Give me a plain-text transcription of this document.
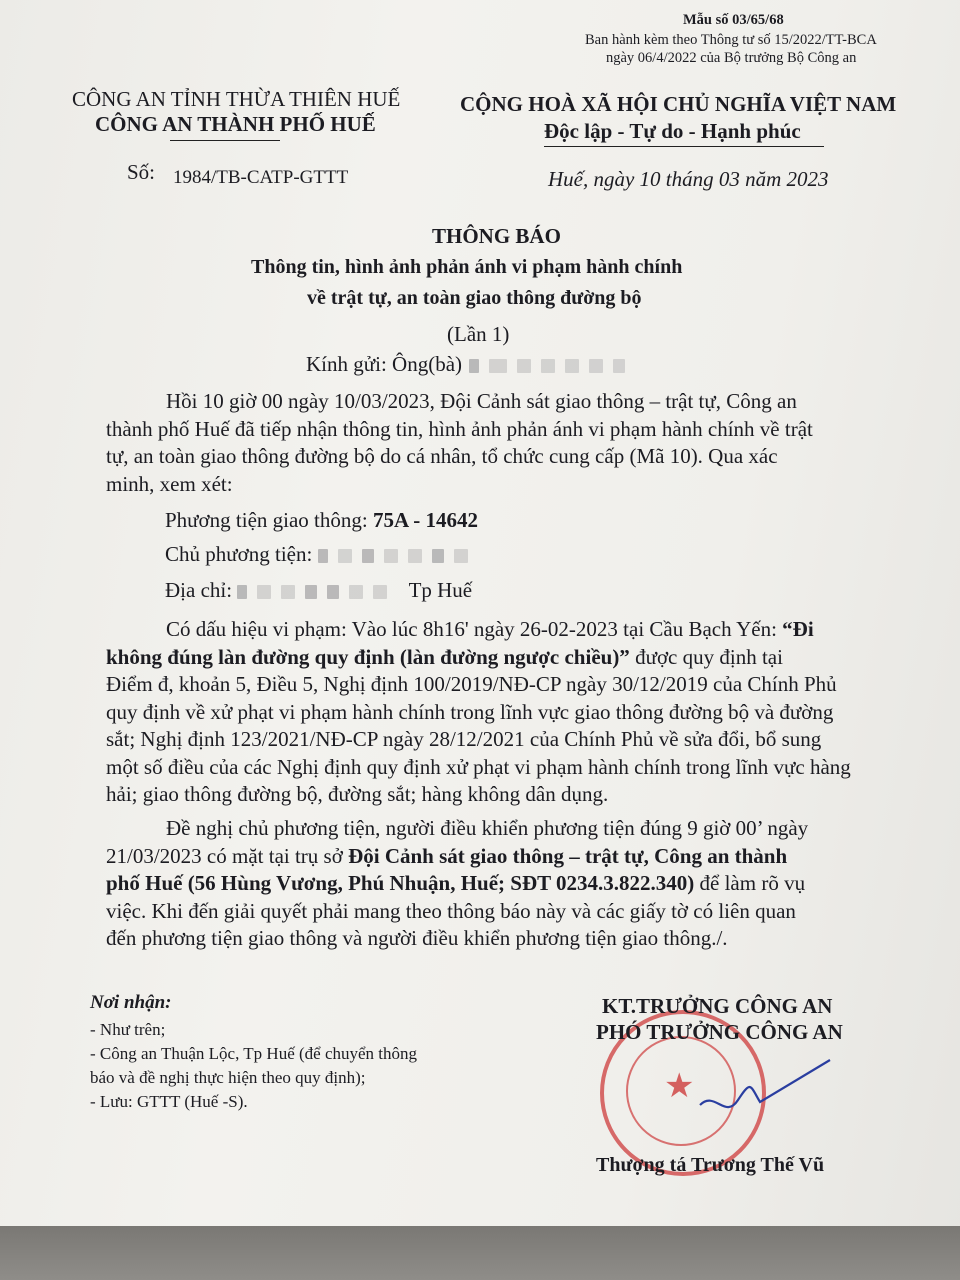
Mẫu số 03/65/68
Ban hành kèm theo Thông tư số 15/2022/TT-BCA
ngày 06/4/2022 của Bộ trưởng Bộ Công an
CÔNG AN TỈNH THỪA THIÊN HUẾ
CÔNG AN THÀNH PHỐ HUẾ
Số: 1984/TB-CATP-GTTT
CỘNG HOÀ XÃ HỘI CHỦ NGHĨA VIỆT NAM
Độc lập - Tự do - Hạnh phúc
Huế, ngày 10 tháng 03 năm 2023
THÔNG BÁO
Thông tin, hình ảnh phản ánh vi phạm hành chính
về trật tự, an toàn giao thông đường bộ
(Lần 1)
Kính gửi: Ông(bà)
Hồi 10 giờ 00 ngày 10/03/2023, Đội Cảnh sát giao thông – trật tự, Công an
thành phố Huế đã tiếp nhận thông tin, hình ảnh phản ánh vi phạm hành chính về trật
tự, an toàn giao thông đường bộ do cá nhân, tổ chức cung cấp (Mã 10). Qua xác
minh, xem xét:
Phương tiện giao thông: 75A - 14642
Chủ phương tiện:
Địa chỉ:	Tp Huế
Có dấu hiệu vi phạm: Vào lúc 8h16' ngày 26-02-2023 tại Cầu Bạch Yến: “Đi
không đúng làn đường quy định (làn đường ngược chiều)” được quy định tại
Điểm đ, khoản 5, Điều 5, Nghị định 100/2019/NĐ-CP ngày 30/12/2019 của Chính Phủ
quy định về xử phạt vi phạm hành chính trong lĩnh vực giao thông đường bộ và đường
sắt; Nghị định 123/2021/NĐ-CP ngày 28/12/2021 của Chính Phủ về sửa đổi, bổ sung
một số điều của các Nghị định quy định xử phạt vi phạm hành chính trong lĩnh vực hàng
hải; giao thông đường bộ, đường sắt; hàng không dân dụng.
Đề nghị chủ phương tiện, người điều khiển phương tiện đúng 9 giờ 00’ ngày
21/03/2023 có mặt tại trụ sở Đội Cảnh sát giao thông – trật tự, Công an thành
phố Huế (56 Hùng Vương, Phú Nhuận, Huế; SĐT 0234.3.822.340) để làm rõ vụ
việc. Khi đến giải quyết phải mang theo thông báo này và các giấy tờ có liên quan
đến phương tiện giao thông và người điều khiển phương tiện giao thông./.
Nơi nhận:
- Như trên;
- Công an Thuận Lộc, Tp Huế (để chuyển thông
báo và đề nghị thực hiện theo quy định);
- Lưu: GTTT (Huế -S).	★
KT.TRƯỞNG CÔNG AN
PHÓ TRƯỞNG CÔNG AN
Thượng tá Trương Thế Vũ
